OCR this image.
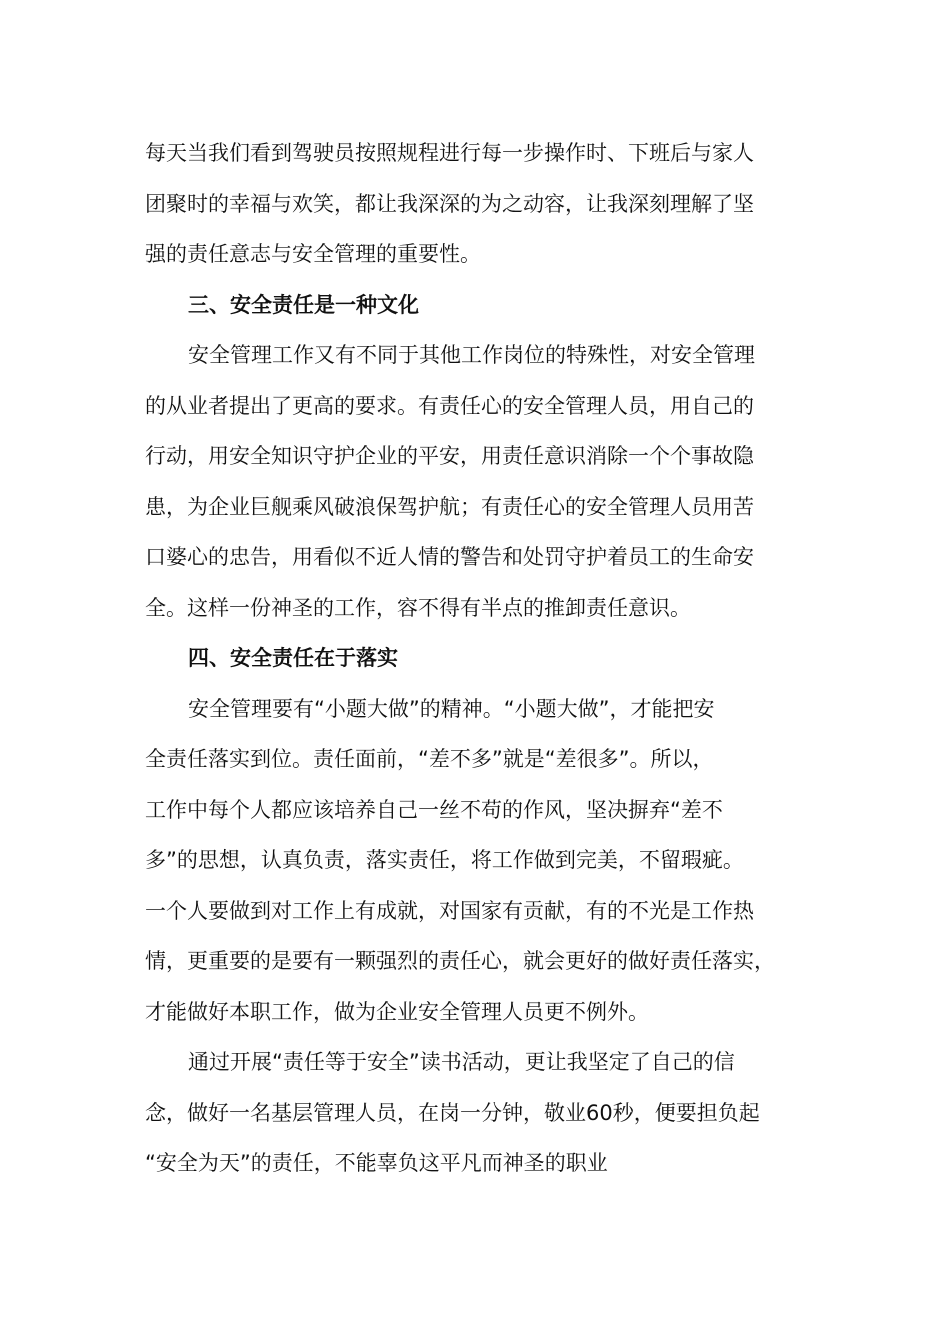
每天当我们看到驾驶员按照规程进行每一步操作时、下班后与家人
团聚时的幸福与欢笑，都让我深深的为之动容，让我深刻理解了坚
强的责任意志与安全管理的重要性。
三、安全责任是一种文化
安全管理工作又有不同于其他工作岗位的特殊性，对安全管理
的从业者提出了更高的要求。有责任心的安全管理人员，用自己的
行动，用安全知识守护企业的平安，用责任意识消除一个个事故隐
患，为企业巨舰乘风破浪保驾护航；有责任心的安全管理人员用苦
口婆心的忠告，用看似不近人情的警告和处罚守护着员工的生命安
全。这样一份神圣的工作，容不得有半点的推卸责任意识。
四、安全责任在于落实
安全管理要有“小题大做”的精神。“小题大做”，才能把安
全责任落实到位。责任面前，“差不多”就是“差很多”。所以，
工作中每个人都应该培养自己一丝不苟的作风，坚决摒弃“差不
多”的思想，认真负责，落实责任，将工作做到完美，不留瑕疵。
一个人要做到对工作上有成就，对国家有贡献，有的不光是工作热
情，更重要的是要有一颗强烈的责任心，就会更好的做好责任落实，
才能做好本职工作，做为企业安全管理人员更不例外。
通过开展“责任等于安全”读书活动，更让我坚定了自己的信
念，做好一名基层管理人员，在岗一分钟，敬业60秒，便要担负起
“安全为天”的责任，不能辜负这平凡而神圣的职业
